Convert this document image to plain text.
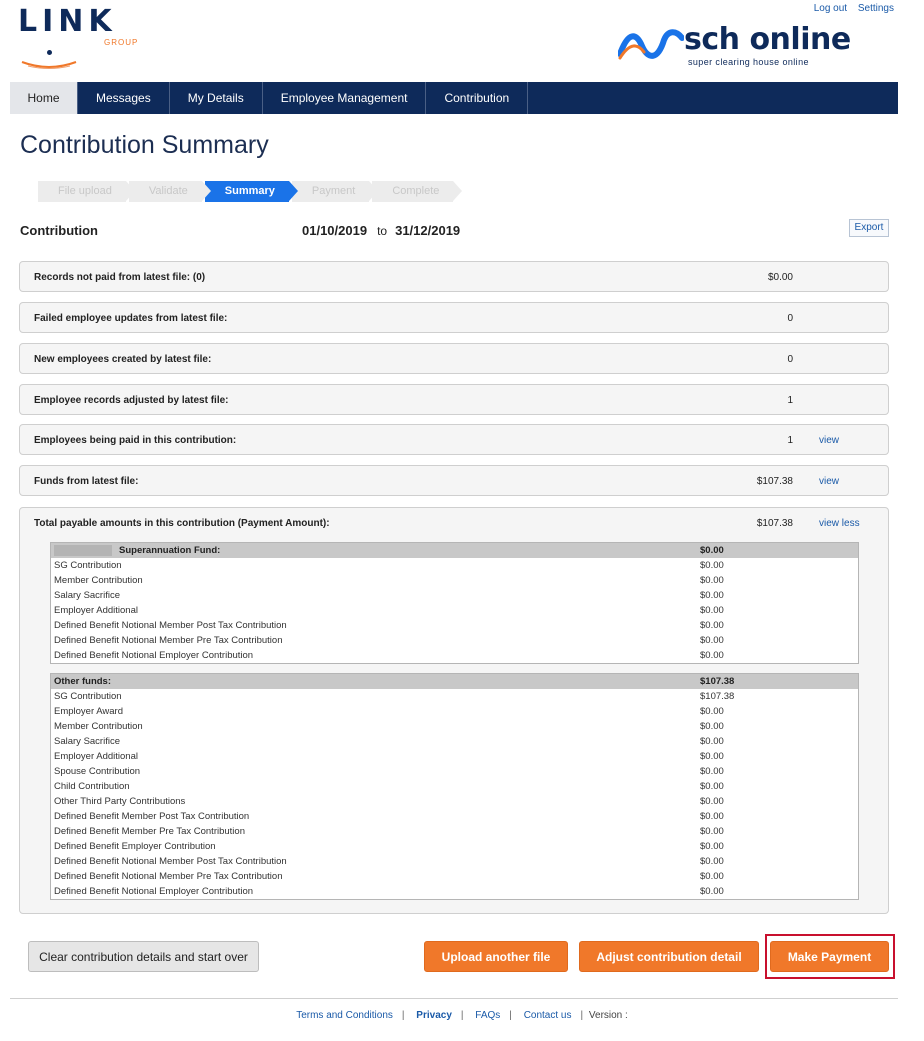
Log out Settings
LINK
GROUP	sch online
super clearing house online
Home	Messages	My Details	Employee Management	Contribution
Contribution Summary
File upload	Validate	Summary	Payment	Complete
Contribution	01/10/2019 to 31/12/2019	Export
Records not paid from latest file: (0)	$0.00
Failed employee updates from latest file:	0
New employees created by latest file:	0
Employee records adjusted by latest file:	1
Employees being paid in this contribution:	1	view
Funds from latest file:	$107.38	view
Total payable amounts in this contribution (Payment Amount):	$107.38	view less
Superannuation Fund:	$0.00
SG Contribution	$0.00
Member Contribution	$0.00
Salary Sacrifice	$0.00
Employer Additional	$0.00
Defined Benefit Notional Member Post Tax Contribution	$0.00
Defined Benefit Notional Member Pre Tax Contribution	$0.00
Defined Benefit Notional Employer Contribution	$0.00
Other funds:	$107.38
SG Contribution	$107.38
Employer Award	$0.00
Member Contribution	$0.00
Salary Sacrifice	$0.00
Employer Additional	$0.00
Spouse Contribution	$0.00
Child Contribution	$0.00
Other Third Party Contributions	$0.00
Defined Benefit Member Post Tax Contribution	$0.00
Defined Benefit Member Pre Tax Contribution	$0.00
Defined Benefit Employer Contribution	$0.00
Defined Benefit Notional Member Post Tax Contribution	$0.00
Defined Benefit Notional Member Pre Tax Contribution	$0.00
Defined Benefit Notional Employer Contribution	$0.00
Clear contribution details and start over	Upload another file	Adjust contribution detail	Make Payment
Terms and Conditions | Privacy | FAQs | Contact us | Version :
